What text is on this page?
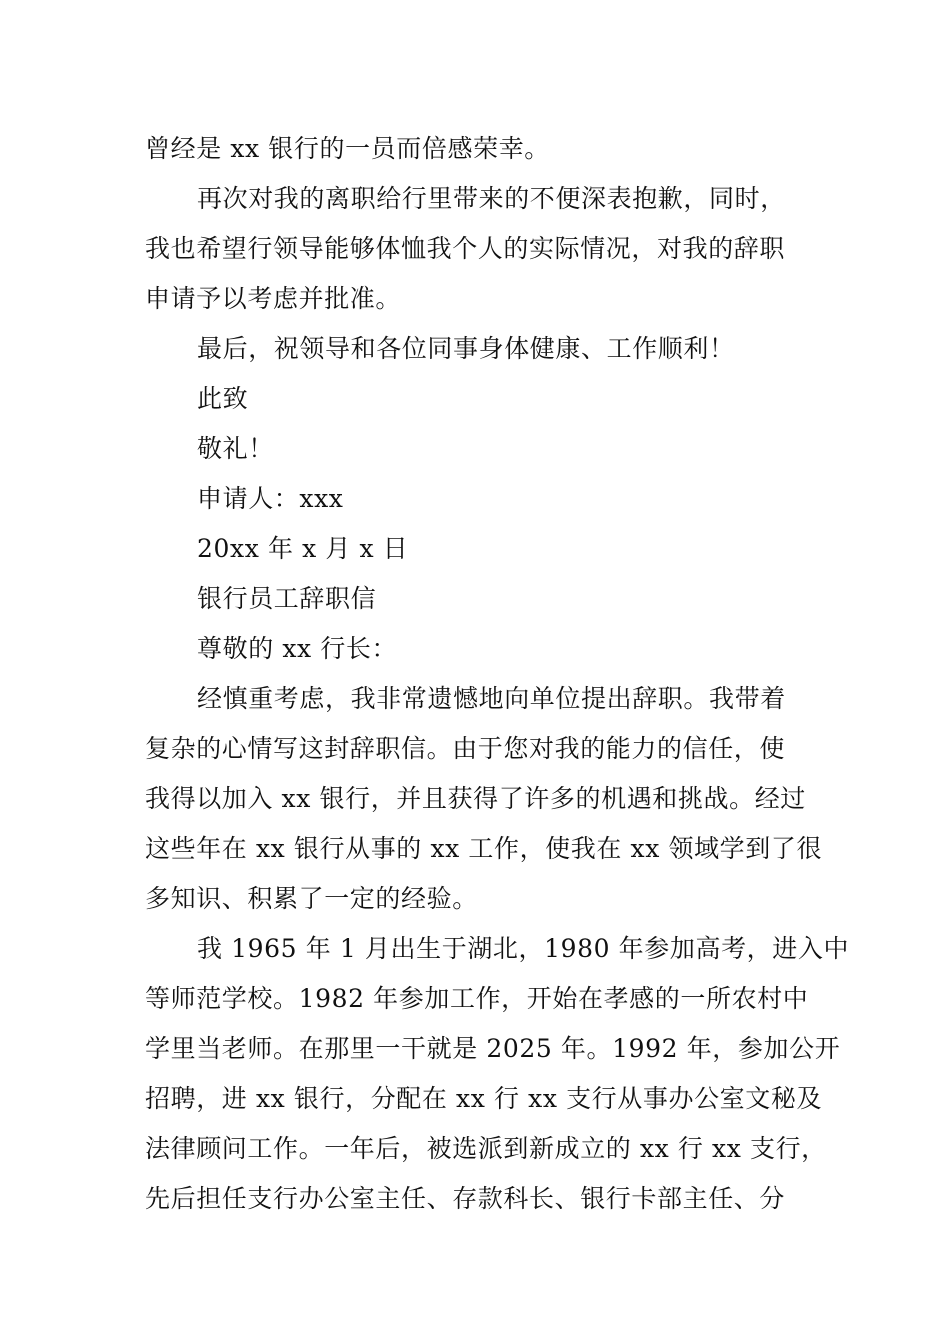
曾经是 xx 银行的一员而倍感荣幸。
再次对我的离职给行里带来的不便深表抱歉，同时，
我也希望行领导能够体恤我个人的实际情况，对我的辞职
申请予以考虑并批准。
最后，祝领导和各位同事身体健康、工作顺利！
此致
敬礼！
申请人：xxx
20xx 年 x 月 x 日
银行员工辞职信
尊敬的 xx 行长：
经慎重考虑，我非常遗憾地向单位提出辞职。我带着
复杂的心情写这封辞职信。由于您对我的能力的信任，使
我得以加入 xx 银行，并且获得了许多的机遇和挑战。经过
这些年在 xx 银行从事的 xx 工作，使我在 xx 领域学到了很
多知识、积累了一定的经验。
我 1965 年 1 月出生于湖北，1980 年参加高考，进入中
等师范学校。1982 年参加工作，开始在孝感的一所农村中
学里当老师。在那里一干就是 2025 年。1992 年，参加公开
招聘，进 xx 银行，分配在 xx 行 xx 支行从事办公室文秘及
法律顾问工作。一年后，被选派到新成立的 xx 行 xx 支行，
先后担任支行办公室主任、存款科长、银行卡部主任、分
